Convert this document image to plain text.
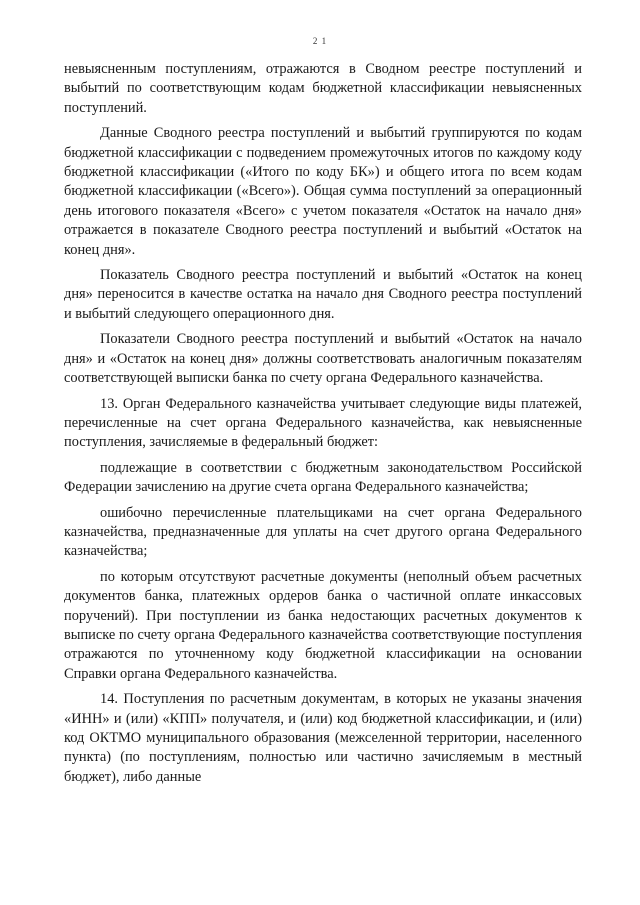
2 1

невыясненным поступлениям, отражаются в Сводном реестре поступлений и выбытий по соответствующим кодам бюджетной классификации невыясненных поступлений.

Данные Сводного реестра поступлений и выбытий группируются по кодам бюджетной классификации с подведением промежуточных итогов по каждому коду бюджетной классификации («Итого по коду БК») и общего итога по всем кодам бюджетной классификации («Всего»). Общая сумма поступлений за операционный день итогового показателя «Всего» с учетом показателя «Остаток на начало дня» отражается в показателе Сводного реестра поступлений и выбытий «Остаток на конец дня».

Показатель Сводного реестра поступлений и выбытий «Остаток на конец дня» переносится в качестве остатка на начало дня Сводного реестра поступлений и выбытий следующего операционного дня.

Показатели Сводного реестра поступлений и выбытий «Остаток на начало дня» и «Остаток на конец дня» должны соответствовать аналогичным показателям соответствующей выписки банка по счету органа Федерального казначейства.

13. Орган Федерального казначейства учитывает следующие виды платежей, перечисленные на счет органа Федерального казначейства, как невыясненные поступления, зачисляемые в федеральный бюджет:

подлежащие в соответствии с бюджетным законодательством Российской Федерации зачислению на другие счета органа Федерального казначейства;

ошибочно перечисленные плательщиками на счет органа Федерального казначейства, предназначенные для уплаты на счет другого органа Федерального казначейства;

по которым отсутствуют расчетные документы (неполный объем расчетных документов банка, платежных ордеров банка о частичной оплате инкассовых поручений). При поступлении из банка недостающих расчетных документов к выписке по счету органа Федерального казначейства соответствующие поступления отражаются по уточненному коду бюджетной классификации на основании Справки органа Федерального казначейства.

14. Поступления по расчетным документам, в которых не указаны значения «ИНН» и (или) «КПП» получателя, и (или) код бюджетной классификации, и (или) код ОКТМО муниципального образования (межселенной территории, населенного пункта) (по поступлениям, полностью или частично зачисляемым в местный бюджет), либо данные
